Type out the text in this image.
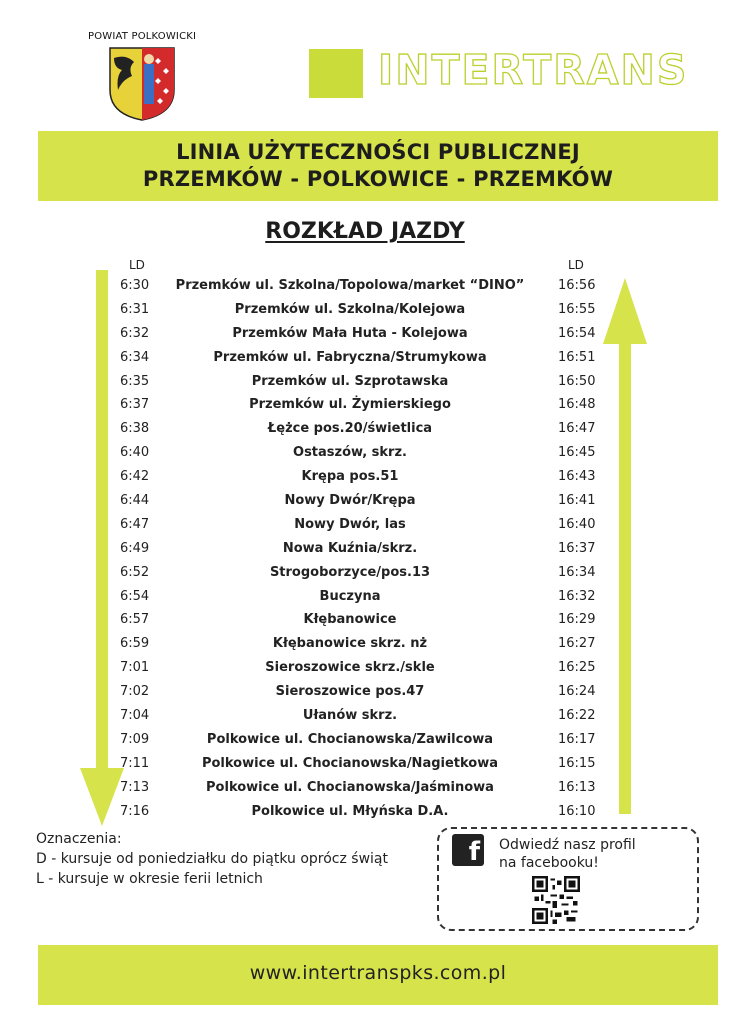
POWIAT POLKOWICKI
INTERTRANS
LINIA UŻYTECZNOŚCI PUBLICZNEJ
PRZEMKÓW - POLKOWICE - PRZEMKÓW
ROZKŁAD JAZDY
LD	LD
6:30	Przemków ul. Szkolna/Topolowa/market “DINO”	16:56
6:31	Przemków ul. Szkolna/Kolejowa	16:55
6:32	Przemków Mała Huta - Kolejowa	16:54
6:34	Przemków ul. Fabryczna/Strumykowa	16:51
6:35	Przemków ul. Szprotawska	16:50
6:37	Przemków ul. Żymierskiego	16:48
6:38	Łężce pos.20/świetlica	16:47
6:40	Ostaszów, skrz.	16:45
6:42	Krępa pos.51	16:43
6:44	Nowy Dwór/Krępa	16:41
6:47	Nowy Dwór, las	16:40
6:49	Nowa Kuźnia/skrz.	16:37
6:52	Strogoborzyce/pos.13	16:34
6:54	Buczyna	16:32
6:57	Kłębanowice	16:29
6:59	Kłębanowice skrz. nż	16:27
7:01	Sieroszowice skrz./skle	16:25
7:02	Sieroszowice pos.47	16:24
7:04	Ułanów skrz.	16:22
7:09	Polkowice ul. Chocianowska/Zawilcowa	16:17
7:11	Polkowice ul. Chocianowska/Nagietkowa	16:15
7:13	Polkowice ul. Chocianowska/Jaśminowa	16:13
7:16	Polkowice ul. Młyńska D.A.	16:10
Oznaczenia:
D - kursuje od poniedziałku do piątku oprócz świąt
L - kursuje w okresie ferii letnich
f Odwiedź nasz profil
na facebooku!
www.intertranspks.com.pl
